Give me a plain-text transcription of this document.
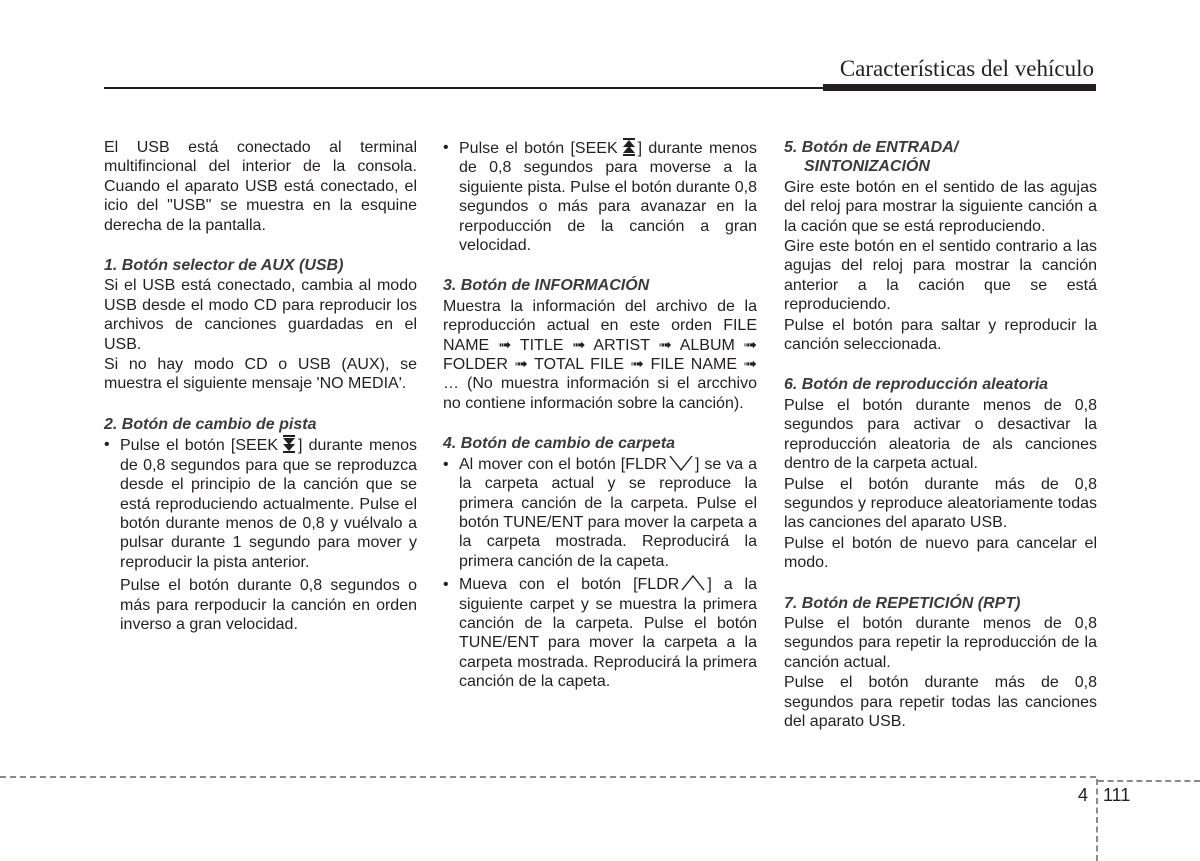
Características del vehículo

El USB está conectado al terminal multifincional del interior de la consola. Cuando el aparato USB está conectado, el icio del "USB" se muestra en la esquine derecha de la pantalla.

1. Botón selector de AUX (USB)

Si el USB está conectado, cambia al modo USB desde el modo CD para reproducir los archivos de canciones guardadas en el USB.

Si no hay modo CD o USB (AUX), se muestra el siguiente mensaje 'NO MEDIA'.

2. Botón de cambio de pista
• Pulse el botón [SEEK ] durante menos de 0,8 segundos para que se reproduzca desde el principio de la canción que se está reproduciendo actualmente. Pulse el botón durante menos de 0,8 y vuélvalo a pulsar durante 1 segundo para mover y reproducir la pista anterior.
Pulse el botón durante 0,8 segundos o más para rerpoducir la canción en orden inverso a gran velocidad.
• Pulse el botón [SEEK ] durante menos de 0,8 segundos para moverse a la siguiente pista. Pulse el botón durante 0,8 segundos o más para avanazar en la rerpoducción de la canción a gran velocidad.
3. Botón de INFORMACIÓN

Muestra la información del archivo de la reproducción actual en este orden FILE NAME ➟ TITLE ➟ ARTIST ➟ ALBUM ➟ FOLDER ➟ TOTAL FILE ➟ FILE NAME ➟ … (No muestra información si el arcchivo no contiene información sobre la canción).

4. Botón de cambio de carpeta
• Al mover con el botón [FLDR ] se va a la carpeta actual y se reproduce la primera canción de la carpeta. Pulse el botón TUNE/ENT para mover la carpeta a la carpeta mostrada. Reproducirá la primera canción de la capeta.
• Mueva con el botón [FLDR ] a la siguiente carpet y se muestra la primera canción de la carpeta. Pulse el botón TUNE/ENT para mover la carpeta a la carpeta mostrada. Reproducirá la primera canción de la capeta.
5. Botón de ENTRADA/
SINTONIZACIÓN

Gire este botón en el sentido de las agujas del reloj para mostrar la siguiente canción a la cación que se está reproduciendo.

Gire este botón en el sentido contrario a las agujas del reloj para mostrar la canción anterior a la cación que se está reproduciendo.

Pulse el botón para saltar y reproducir la canción seleccionada.

6. Botón de reproducción aleatoria

Pulse el botón durante menos de 0,8 segundos para activar o desactivar la reproducción aleatoria de als canciones dentro de la carpeta actual.

Pulse el botón durante más de 0,8 segundos y reproduce aleatoriamente todas las canciones del aparato USB.

Pulse el botón de nuevo para cancelar el modo.

7. Botón de REPETICIÓN (RPT)

Pulse el botón durante menos de 0,8 segundos para repetir la reproducción de la canción actual.

Pulse el botón durante más de 0,8 segundos para repetir todas las canciones del aparato USB.

4 111
